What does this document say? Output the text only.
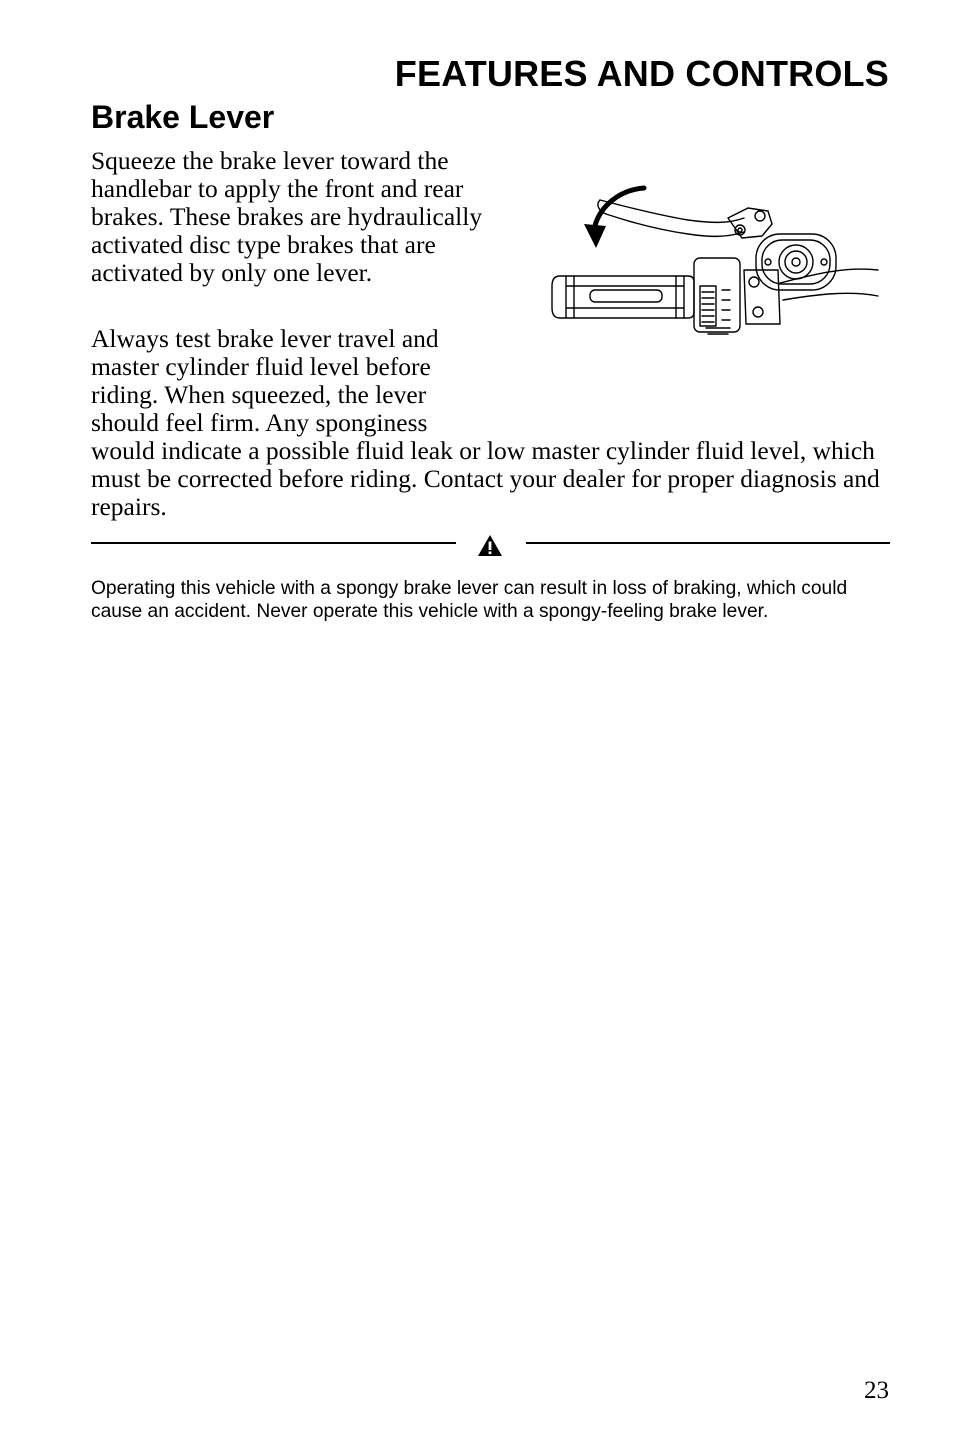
FEATURES AND CONTROLS
Brake Lever

Squeeze the brake lever toward the handlebar to apply the front and rear brakes. These brakes are hydraulically activated disc type brakes that are activated by only one lever.

Always test brake lever travel and
master cylinder fluid level before
riding. When squeezed, the lever
should feel firm. Any sponginess
would indicate a possible fluid leak or low master cylinder fluid level, which must be corrected before riding. Contact your dealer for proper diagnosis and repairs.

Operating this vehicle with a spongy brake lever can result in loss of braking, which could cause an accident. Never operate this vehicle with a spongy-feeling brake lever.

23
